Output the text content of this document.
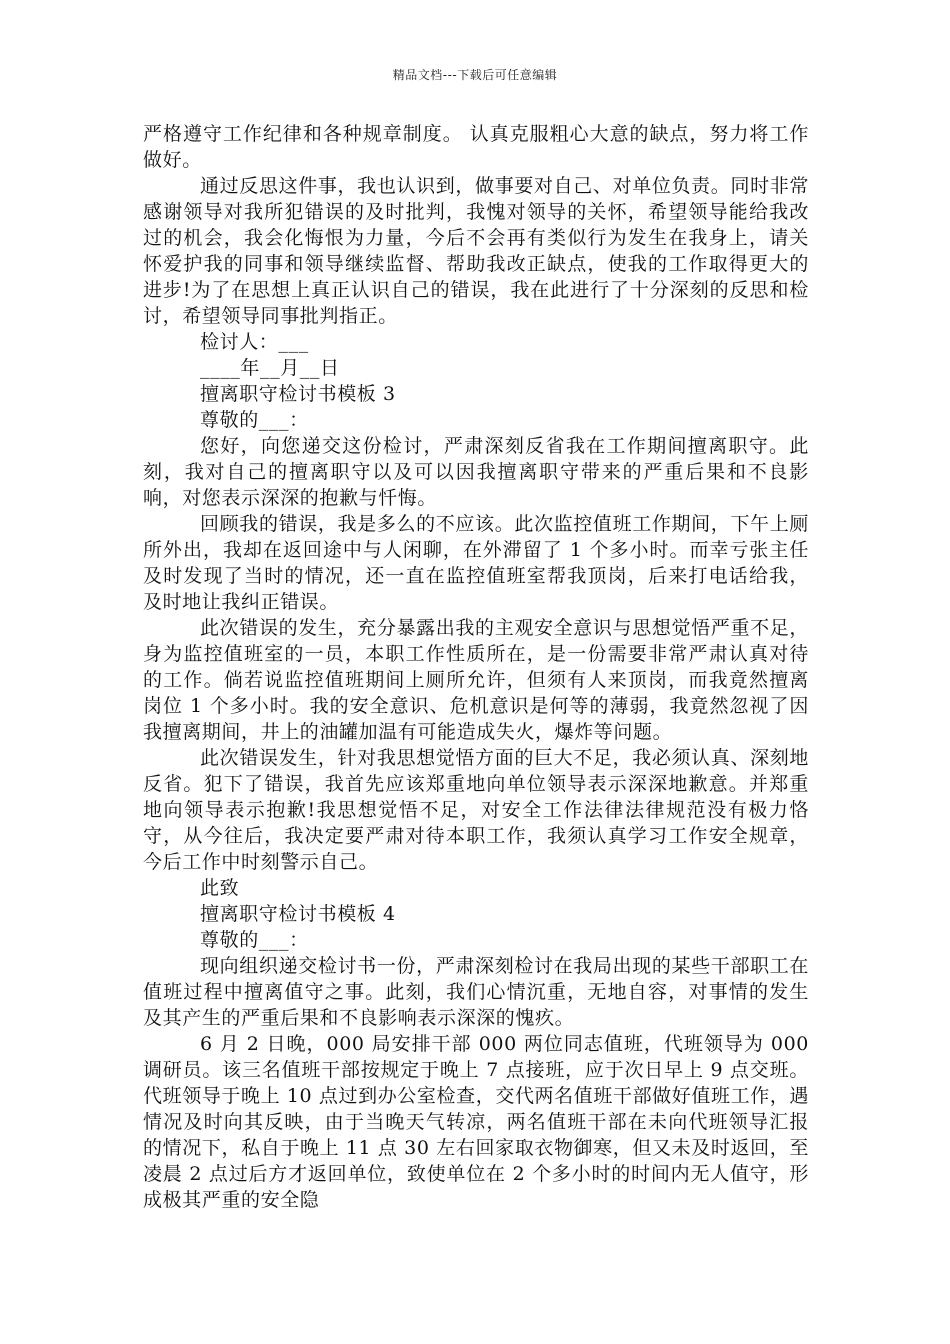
精品文档---下载后可任意编辑

严格遵守工作纪律和各种规章制度。 认真克服粗心大意的缺点，努力将工作做好。

通过反思这件事，我也认识到，做事要对自己、对单位负责。同时非常感谢领导对我所犯错误的及时批判，我愧对领导的关怀，希望领导能给我改过的机会，我会化悔恨为力量，今后不会再有类似行为发生在我身上，请关怀爱护我的同事和领导继续监督、帮助我改正缺点，使我的工作取得更大的进步!为了在思想上真正认识自己的错误，我在此进行了十分深刻的反思和检讨，希望领导同事批判指正。

检讨人：___

____年__月__日

擅离职守检讨书模板 3

尊敬的___：

您好，向您递交这份检讨，严肃深刻反省我在工作期间擅离职守。此刻，我对自己的擅离职守以及可以因我擅离职守带来的严重后果和不良影响，对您表示深深的抱歉与忏悔。

回顾我的错误，我是多么的不应该。此次监控值班工作期间，下午上厕所外出，我却在返回途中与人闲聊，在外滞留了 1 个多小时。而幸亏张主任及时发现了当时的情况，还一直在监控值班室帮我顶岗，后来打电话给我，及时地让我纠正错误。

此次错误的发生，充分暴露出我的主观安全意识与思想觉悟严重不足，身为监控值班室的一员，本职工作性质所在，是一份需要非常严肃认真对待的工作。倘若说监控值班期间上厕所允许，但须有人来顶岗，而我竟然擅离岗位 1 个多小时。我的安全意识、危机意识是何等的薄弱，我竟然忽视了因我擅离期间，井上的油罐加温有可能造成失火，爆炸等问题。

此次错误发生，针对我思想觉悟方面的巨大不足，我必须认真、深刻地反省。犯下了错误，我首先应该郑重地向单位领导表示深深地歉意。并郑重地向领导表示抱歉!我思想觉悟不足，对安全工作法律法律规范没有极力恪守，从今往后，我决定要严肃对待本职工作，我须认真学习工作安全规章，今后工作中时刻警示自己。

此致

擅离职守检讨书模板 4

尊敬的___：

现向组织递交检讨书一份，严肃深刻检讨在我局出现的某些干部职工在值班过程中擅离值守之事。此刻，我们心情沉重，无地自容，对事情的发生及其产生的严重后果和不良影响表示深深的愧疚。

6 月 2 日晚，000 局安排干部 000 两位同志值班，代班领导为 000 调研员。该三名值班干部按规定于晚上 7 点接班，应于次日早上 9 点交班。代班领导于晚上 10 点过到办公室检查，交代两名值班干部做好值班工作，遇情况及时向其反映，由于当晚天气转凉，两名值班干部在未向代班领导汇报的情况下，私自于晚上 11 点 30 左右回家取衣物御寒，但又未及时返回，至凌晨 2 点过后方才返回单位，致使单位在 2 个多小时的时间内无人值守，形成极其严重的安全隐
